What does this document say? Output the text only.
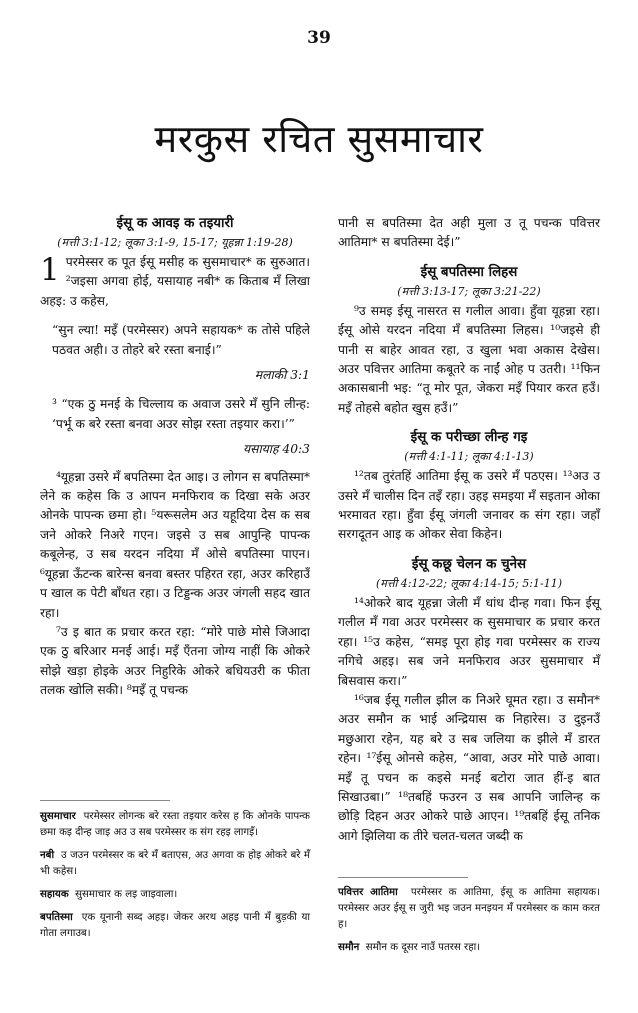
39
मरकुस रचित सुसमाचार
ईसू क आवइ क तइयारी
(मत्ती 3:1-12; लूका 3:1-9, 15-17; यूहन्ना 1:19-28)

1 परमेस्सर क पूत ईसू मसीह क सुसमाचार* क सुरुआत। ²जइसा अगवा होई, यसायाह नबी* क किताब मँ लिखा अहइ: उ कहेस,

“सुन ल्या! मइँ (परमेस्सर) अपने सहायक* क तोसे पहिले पठवत अही। उ तोहरे बरे रस्ता बनाई।”

मलाकी 3:1

³ “एक ठु मनई के चिल्लाय क अवाज उसरे मँ सुनि लीन्ह: ‘पर्भू क बरे रस्ता बनवा अउर सोझ रस्ता तइयार करा।’”

यसायाह 40:3

⁴यूहन्ना उसरे मँ बपतिस्मा देत आइ। उ लोगन स बपतिस्मा* लेने क कहेस कि उ आपन मनफिराव क दिखा सके अउर ओनके पापन्क छमा हो। ⁵यरूसलेम अउ यहूदिया देस क सब जने ओकरे निअरे गएन। जइसे उ सब आपुन्हि पापन्क कबूलेन्ह, उ सब यरदन नदिया मँ ओसे बपतिस्मा पाएन। ⁶यूहन्ना ऊँटन्क बारेन्स बनवा बस्तर पहिरत रहा, अउर करिहाउँ प खाल क पेटी बाँधत रहा। उ टिड्डन्क अउर जंगली सहद खात रहा।

⁷उ इ बात क प्रचार करत रहा: “मोरे पाछे मोसे जिआदा एक ठु बरिआर मनई आई। मइँ एँतना जोग्य नाहीं कि ओकरे सोझे खड़ा होइके अउर निहुरिके ओकरे बधियउरी क फीता तलक खोलि सकी। ⁸मइँ तू पचन्क

पानी स बपतिस्मा देत अही मुला उ तू पचन्क पवित्तर आतिमा* स बपतिस्मा देई।”

ईसू बपतिस्मा लिहस
(मत्ती 3:13-17; लूका 3:21-22)

⁹उ समइ ईसू नासरत स गलील आवा। हुँवा यूहन्ना रहा। ईसू ओसे यरदन नदिया मँ बपतिस्मा लिहस। ¹⁰जइसे ही पानी स बाहेर आवत रहा, उ खुला भवा अकास देखेस। अउर पवित्तर आतिमा कबूतरे क नाईं ओह प उतरी। ¹¹फिन अकासबानी भइ: “तू मोर पूत, जेकरा मइँ पियार करत हउँ। मइँ तोहसे बहोत खुस हउँ।”

ईसू क परीच्छा लीन्ह गइ
(मत्ती 4:1-11; लूका 4:1-13)

¹²तब तुरंतहिं आतिमा ईसू क उसरे मँ पठएस। ¹³अउ उ उसरे मँ चालीस दिन तइँ रहा। उहइ समइया मँ सइतान ओका भरमावत रहा। हुँवा ईसू जंगली जनावर क संग रहा। जहाँ सरगदूतन आइ क ओकर सेवा किहेन।

ईसू कछू चेलन क चुनेस
(मत्ती 4:12-22; लूका 4:14-15; 5:1-11)

¹⁴ओकरे बाद यूहन्ना जेली मँ धांध दीन्ह गवा। फिन ईसू गलील मँ गवा अउर परमेस्सर क सुसमाचार क प्रचार करत रहा। ¹⁵उ कहेस, “समइ पूरा होइ गवा परमेस्सर क राज्य नगिचे अहइ। सब जने मनफिराव अउर सुसमाचार मँ बिसवास करा।”

¹⁶जब ईसू गलील झील क निअरे घूमत रहा। उ समौन* अउर समौन क भाई अन्द्रियास क निहारेस। उ दुइनउँ मछुआरा रहेन, यह बरे उ सब जलिया क झीले मँ डारत रहेन। ¹⁷ईसू ओनसे कहेस, “आवा, अउर मोरे पाछे आवा। मइँ तू पचन क कइसे मनई बटोरा जात हीं-इ बात सिखाउबा।” ¹⁸तबहिं फउरन उ सब आपनि जालिन्ह क छोड़ि दिहन अउर ओकरे पाछे आएन। ¹⁹तबहिं ईसू तनिक आगे झिलिया क तीरे चलत-चलत जब्दी क

सुसमाचार परमेस्सर लोगन्क बरे रस्ता तइयार करेस ह कि ओनके पापन्क छमा कइ दीन्ह जाइ अउ उ सब परमेस्सर क संग रहइ लागइँ।

नबी उ जउन परमेस्सर क बरे मँ बताएस, अउ अगवा क होइ ओकरे बरे मँ भी कहेस।

सहायक सुसमाचार क लइ जाइवाला।

बपतिस्मा एक यूनानी सब्द अहइ। जेकर अरथ अहइ पानी मँ बुड़की या गोता लगाउब।

पवित्तर आतिमा परमेस्सर क आतिमा, ईसू क आतिमा सहायक। परमेस्सर अउर ईसू स जुरी भइ जउन मनइयन मँ परमेस्सर क काम करत ह।

समौन समौन क दूसर नाउँ पतरस रहा।
